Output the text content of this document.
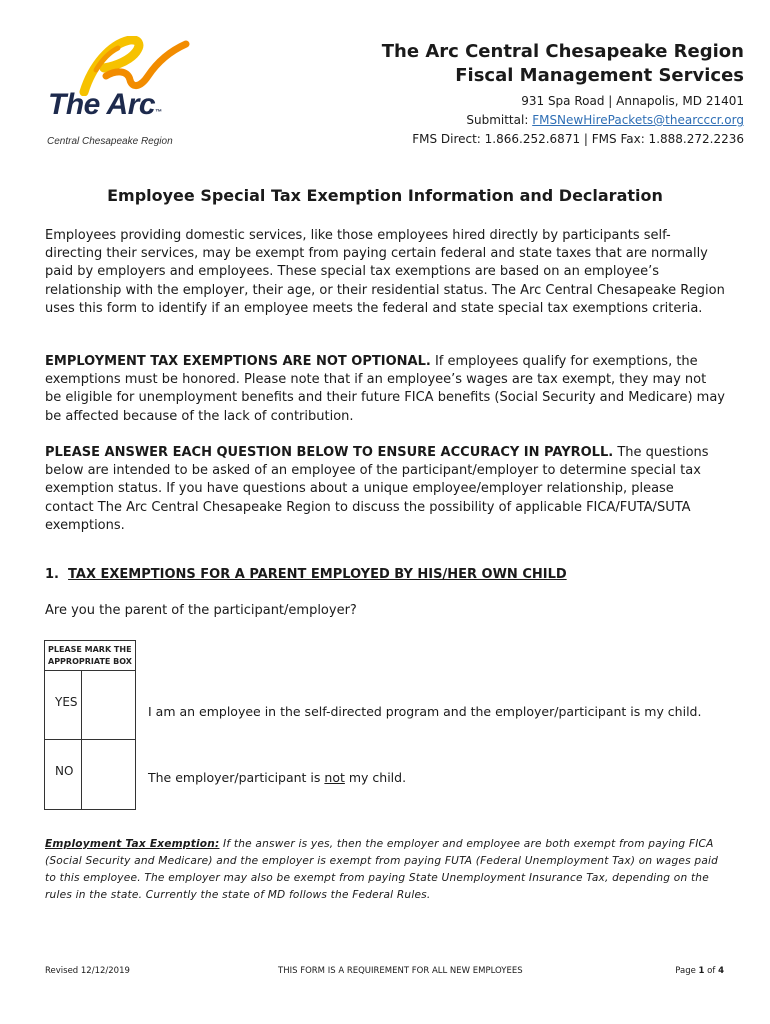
The Arc™
Central Chesapeake Region
The Arc Central Chesapeake Region
Fiscal Management Services
931 Spa Road | Annapolis, MD 21401
Submittal: FMSNewHirePackets@thearcccr.org
FMS Direct: 1.866.252.6871 | FMS Fax: 1.888.272.2236
Employee Special Tax Exemption Information and Declaration
Employees providing domestic services, like those employees hired directly by participants self-directing their services, may be exempt from paying certain federal and state taxes that are normally paid by employers and employees. These special tax exemptions are based on an employee’s relationship with the employer, their age, or their residential status. The Arc Central Chesapeake Region uses this form to identify if an employee meets the federal and state special tax exemptions criteria.
EMPLOYMENT TAX EXEMPTIONS ARE NOT OPTIONAL. If employees qualify for exemptions, the exemptions must be honored. Please note that if an employee’s wages are tax exempt, they may not be eligible for unemployment benefits and their future FICA benefits (Social Security and Medicare) may be affected because of the lack of contribution.
PLEASE ANSWER EACH QUESTION BELOW TO ENSURE ACCURACY IN PAYROLL. The questions below are intended to be asked of an employee of the participant/employer to determine special tax exemption status. If you have questions about a unique employee/employer relationship, please contact The Arc Central Chesapeake Region to discuss the possibility of applicable FICA/FUTA/SUTA exemptions.
1. TAX EXEMPTIONS FOR A PARENT EMPLOYED BY HIS/HER OWN CHILD
Are you the parent of the participant/employer?
PLEASE MARK THE APPROPRIATE BOX
YES
NO
I am an employee in the self-directed program and the employer/participant is my child.
The employer/participant is not my child.
Employment Tax Exemption: If the answer is yes, then the employer and employee are both exempt from paying FICA (Social Security and Medicare) and the employer is exempt from paying FUTA (Federal Unemployment Tax) on wages paid to this employee. The employer may also be exempt from paying State Unemployment Insurance Tax, depending on the rules in the state. Currently the state of MD follows the Federal Rules.
Revised 12/12/2019	THIS FORM IS A REQUIREMENT FOR ALL NEW EMPLOYEES	Page 1 of 4
